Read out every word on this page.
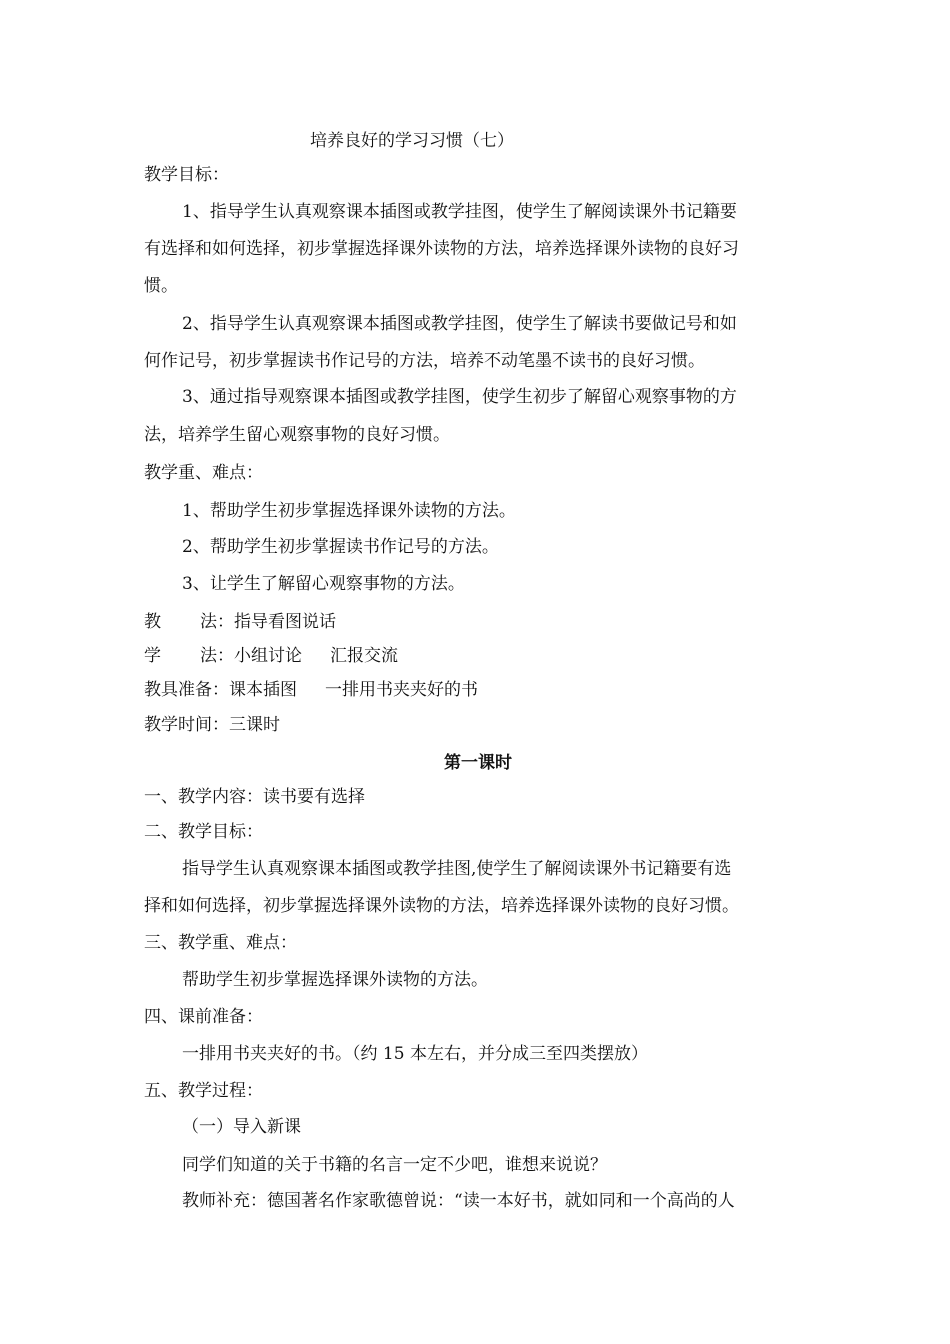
培养良好的学习习惯（七）
教学目标：
1、指导学生认真观察课本插图或教学挂图，使学生了解阅读课外书记籍要
有选择和如何选择，初步掌握选择课外读物的方法，培养选择课外读物的良好习
惯。
2、指导学生认真观察课本插图或教学挂图，使学生了解读书要做记号和如
何作记号，初步掌握读书作记号的方法，培养不动笔墨不读书的良好习惯。
3、通过指导观察课本插图或教学挂图，使学生初步了解留心观察事物的方
法，培养学生留心观察事物的良好习惯。
教学重、难点：
1、帮助学生初步掌握选择课外读物的方法。
2、帮助学生初步掌握读书作记号的方法。
3、让学生了解留心观察事物的方法。
教 法：指导看图说话
学 法：小组讨论 汇报交流
教具准备：课本插图 一排用书夹夹好的书
教学时间：三课时
第一课时
一、教学内容：读书要有选择
二、教学目标：
指导学生认真观察课本插图或教学挂图,使学生了解阅读课外书记籍要有选
择和如何选择，初步掌握选择课外读物的方法，培养选择课外读物的良好习惯。
三、教学重、难点：
帮助学生初步掌握选择课外读物的方法。
四、课前准备：
一排用书夹夹好的书。（约 15 本左右，并分成三至四类摆放）
五、教学过程：
（一）导入新课
同学们知道的关于书籍的名言一定不少吧，谁想来说说？
教师补充：德国著名作家歌德曾说：“读一本好书，就如同和一个高尚的人
